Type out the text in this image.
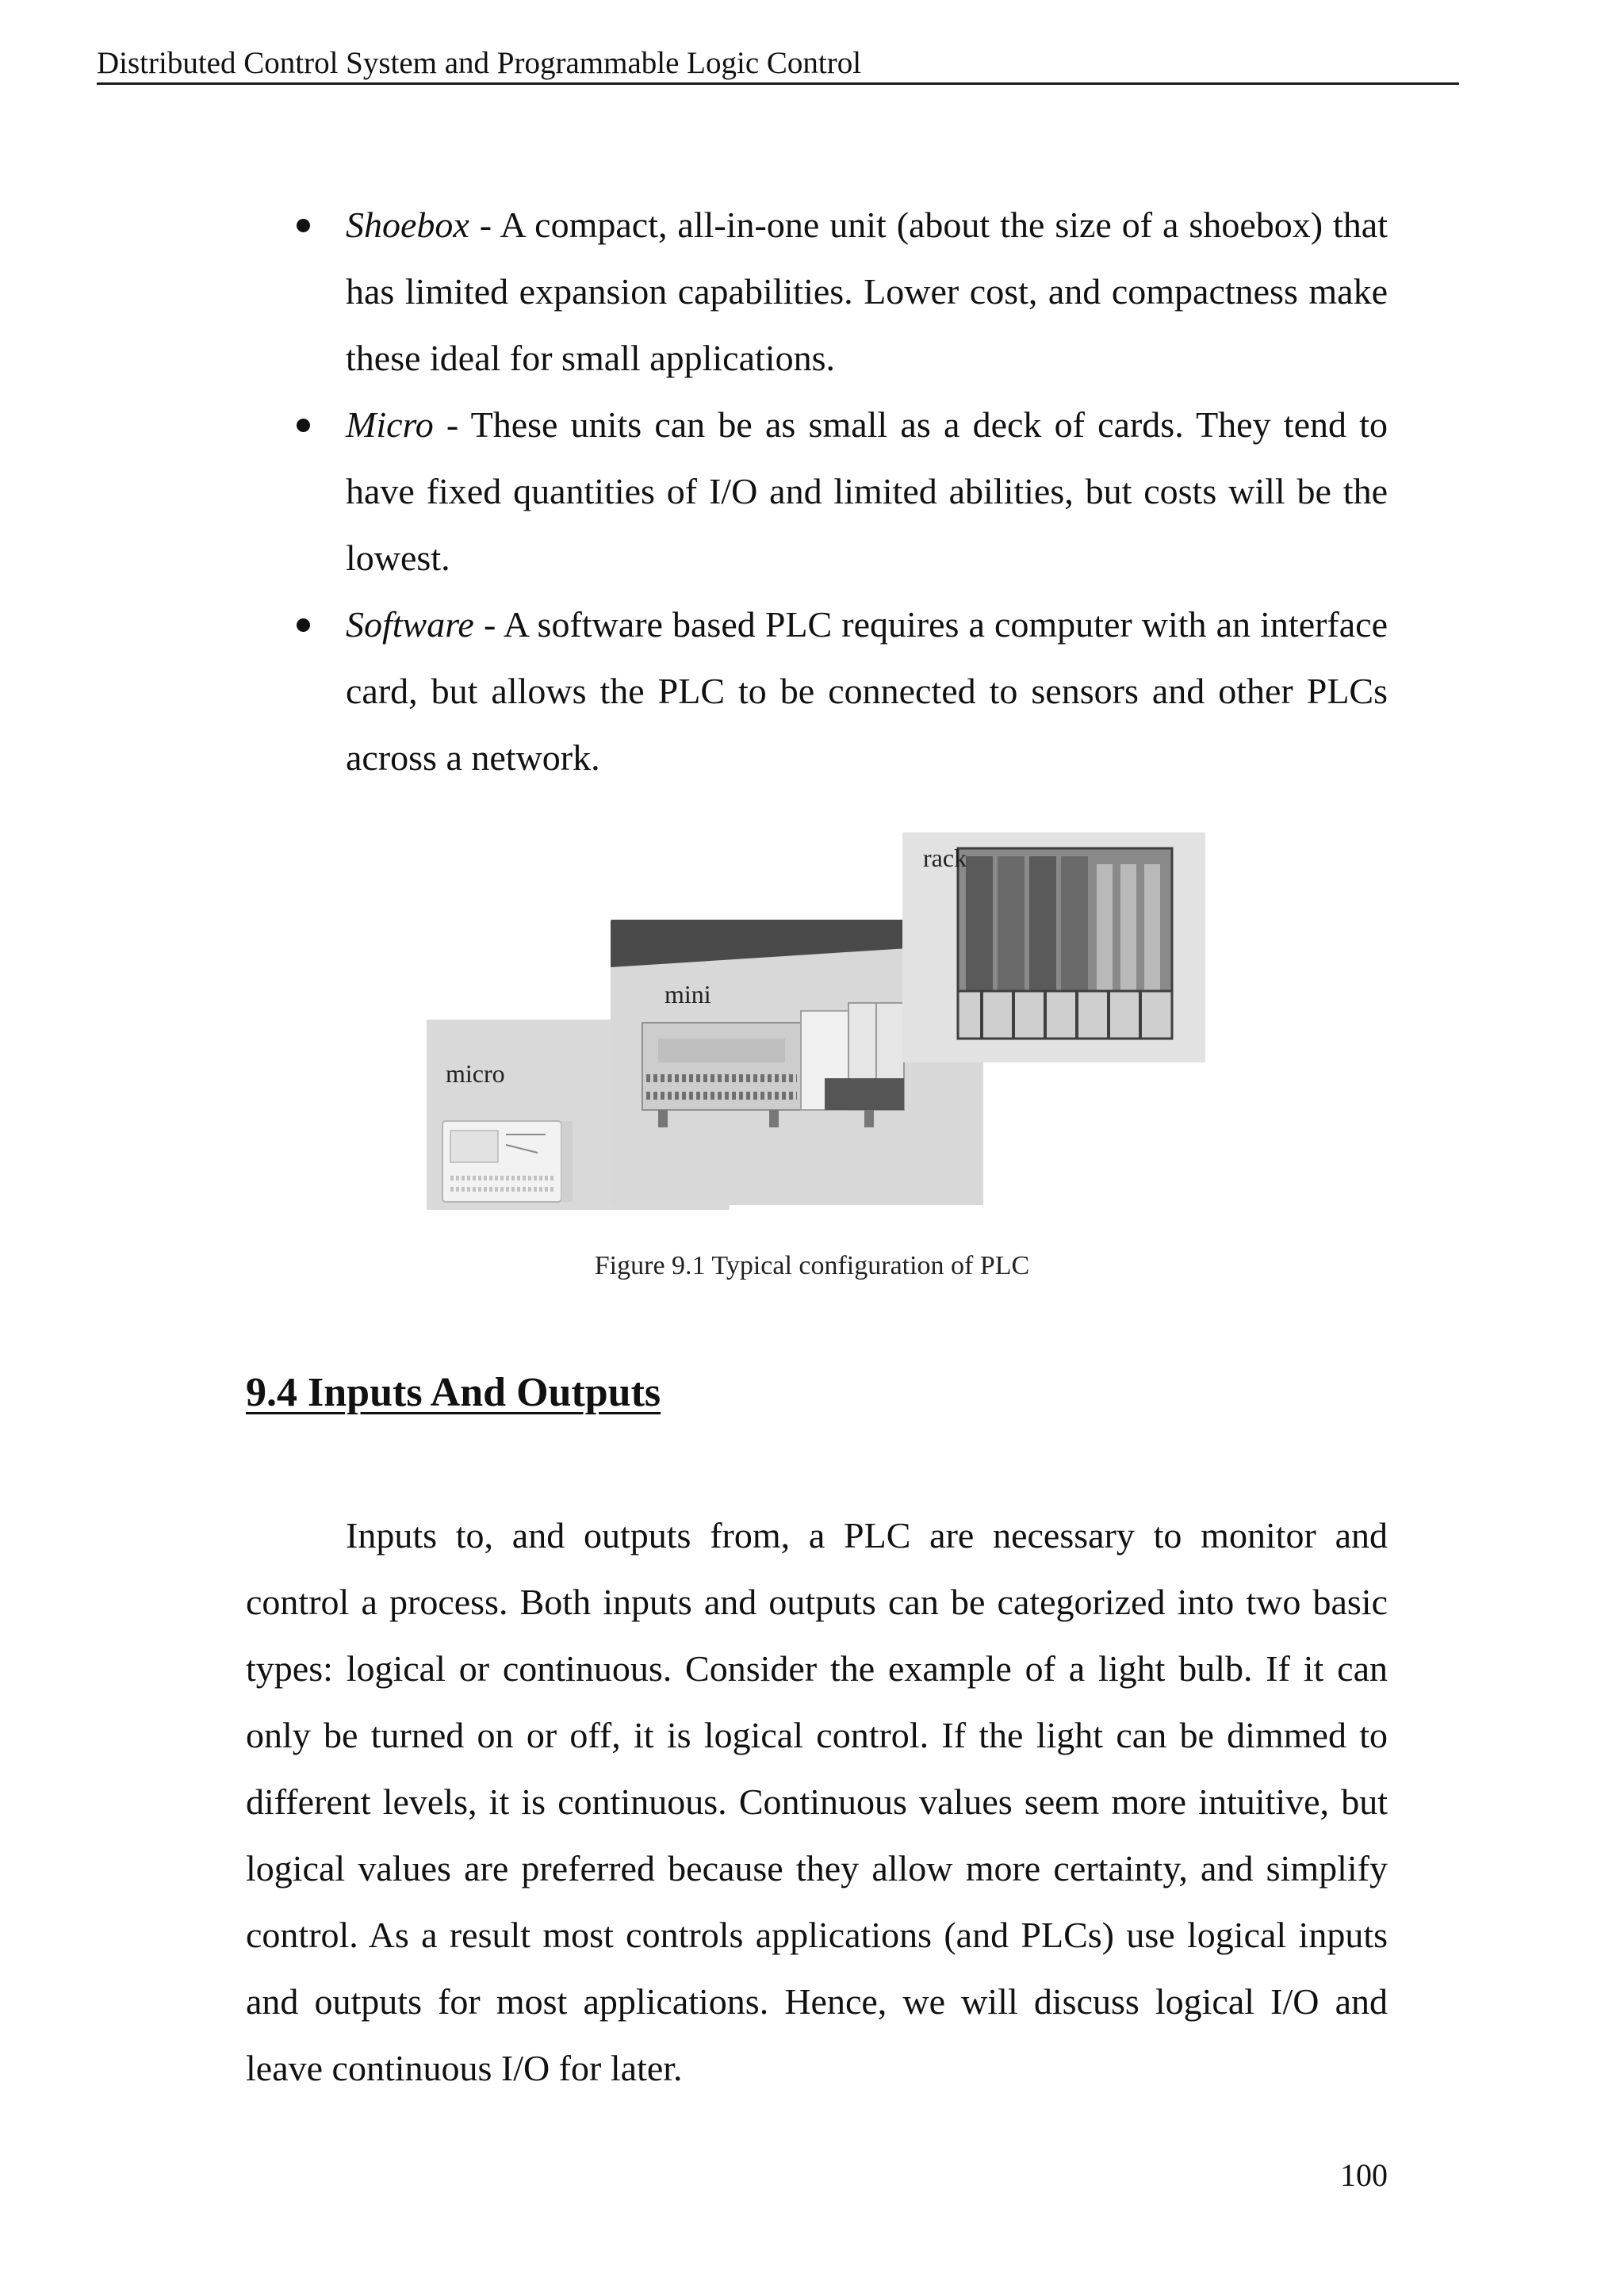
Distributed Control System and Programmable Logic Control
Shoebox - A compact, all-in-one unit (about the size of a shoebox) that has limited expansion capabilities. Lower cost, and compactness make these ideal for small applications.
Micro - These units can be as small as a deck of cards. They tend to have fixed quantities of I/O and limited abilities, but costs will be the lowest.
Software - A software based PLC requires a computer with an interface card, but allows the PLC to be connected to sensors and other PLCs across a network.
micro
mini
rack
Figure 9.1 Typical configuration of PLC
9.4 Inputs And Outputs

Inputs to, and outputs from, a PLC are necessary to monitor and control a process. Both inputs and outputs can be categorized into two basic types: logical or continuous. Consider the example of a light bulb. If it can only be turned on or off, it is logical control. If the light can be dimmed to different levels, it is continuous. Continuous values seem more intuitive, but logical values are preferred because they allow more certainty, and simplify control. As a result most controls applications (and PLCs) use logical inputs and outputs for most applications. Hence, we will discuss logical I/O and leave continuous I/O for later.

100
